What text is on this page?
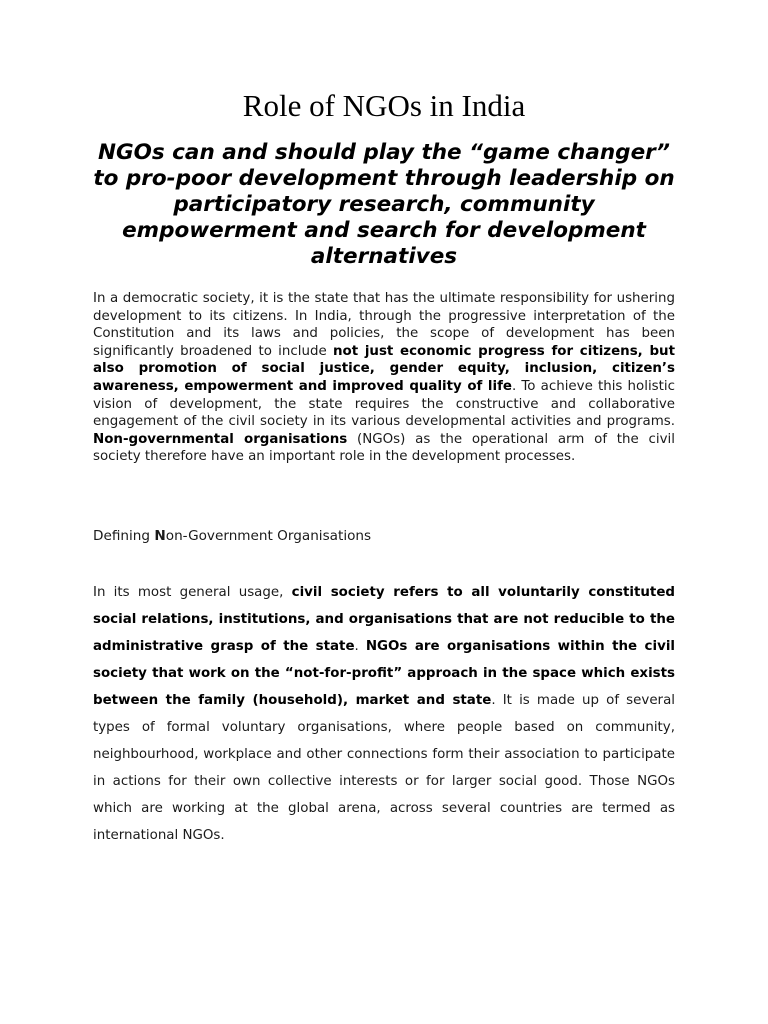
Role of NGOs in India
NGOs can and should play the “game changer” to pro-poor development through leadership on participatory research, community empowerment and search for development alternatives

In a democratic society, it is the state that has the ultimate responsibility for ushering development to its citizens. In India, through the progressive interpretation of the Constitution and its laws and policies, the scope of development has been significantly broadened to include not just economic progress for citizens, but also promotion of social justice, gender equity, inclusion, citizen’s awareness, empowerment and improved quality of life. To achieve this holistic vision of development, the state requires the constructive and collaborative engagement of the civil society in its various developmental activities and programs. Non-governmental organisations (NGOs) as the operational arm of the civil society therefore have an important role in the development processes.

Defining Non-Government Organisations

In its most general usage, civil society refers to all voluntarily constituted social relations, institutions, and organisations that are not reducible to the administrative grasp of the state. NGOs are organisations within the civil society that work on the “not-for-profit” approach in the space which exists between the family (household), market and state. It is made up of several types of formal voluntary organisations, where people based on community, neighbourhood, workplace and other connections form their association to participate in actions for their own collective interests or for larger social good. Those NGOs which are working at the global arena, across several countries are termed as international NGOs.
